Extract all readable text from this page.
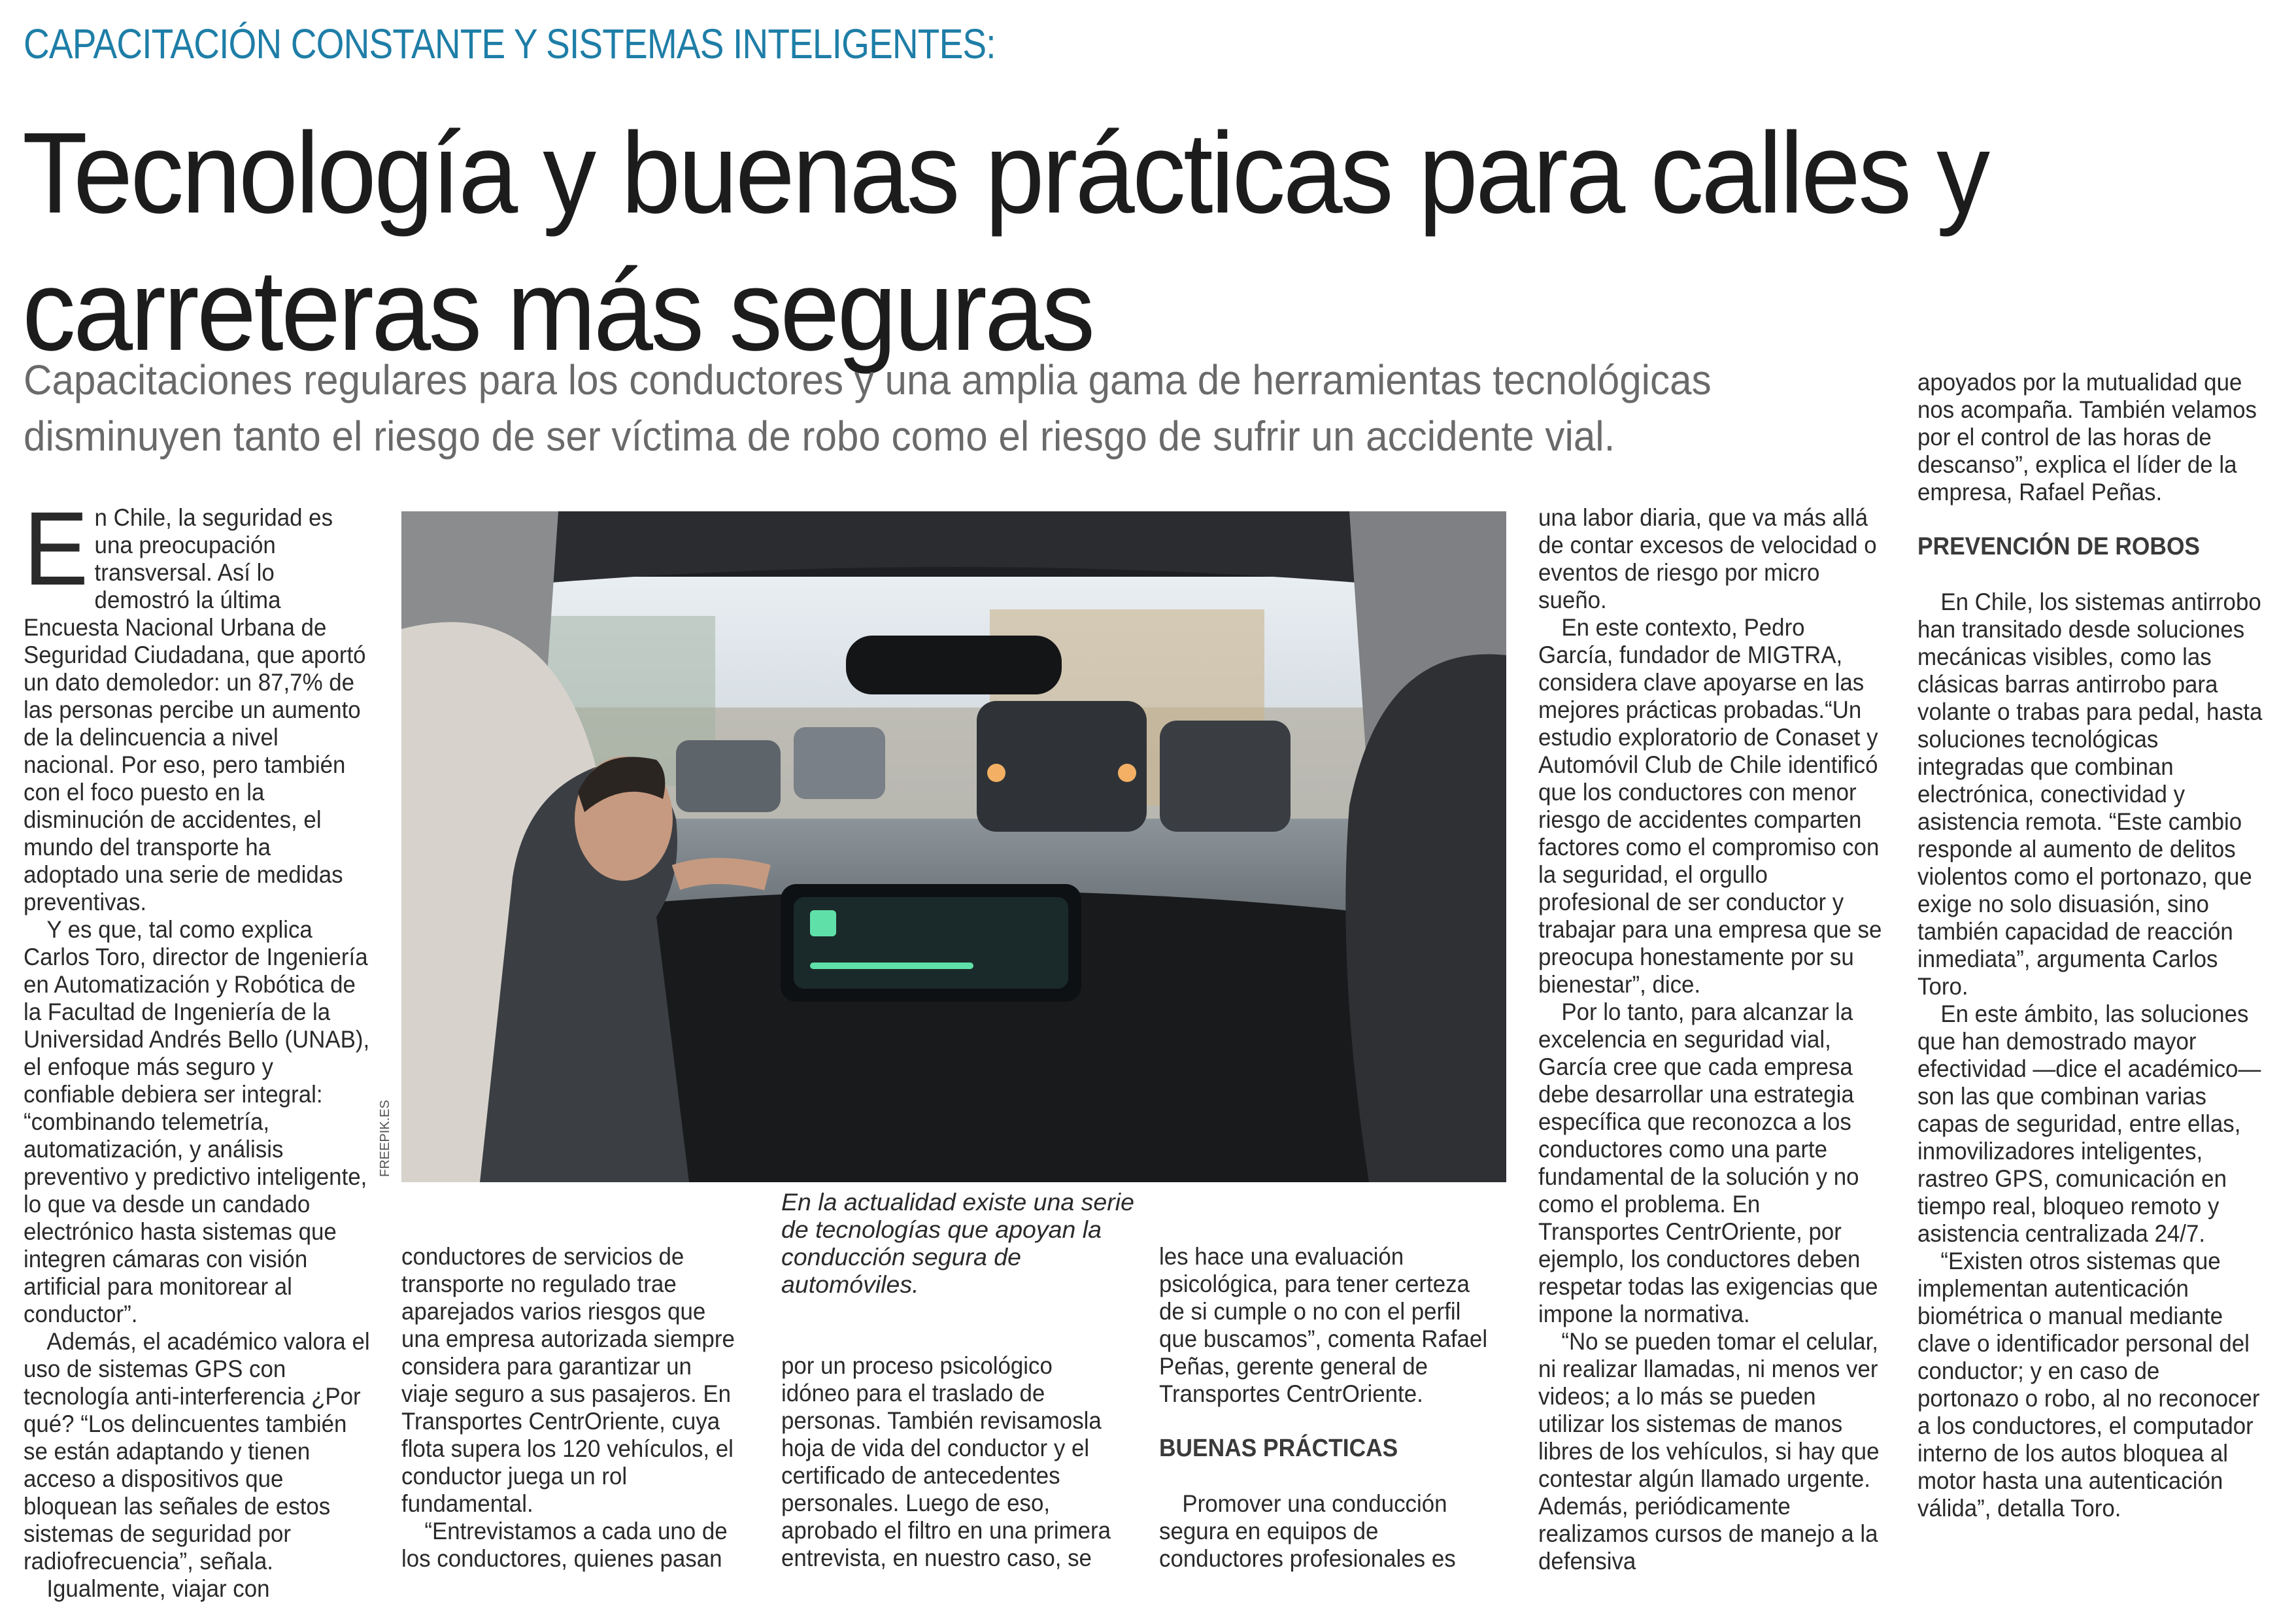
CAPACITACIÓN CONSTANTE Y SISTEMAS INTELIGENTES:
Tecnología y buenas prácticas para calles y carreteras más seguras
Capacitaciones regulares para los conductores y una amplia gama de herramientas tecnológicas disminuyen tanto el riesgo de ser víctima de robo como el riesgo de sufrir un accidente vial.

En Chile, la seguridad es una preocupación transversal. Así lo demostró la última Encuesta Nacional Urbana de Seguridad Ciudadana, que aportó un dato demoledor: un 87,7% de las personas percibe un aumento de la delincuencia a nivel nacional. Por eso, pero también con el foco puesto en la disminución de accidentes, el mundo del transporte ha adoptado una serie de medidas preventivas.

Y es que, tal como explica Carlos Toro, director de Ingeniería en Automatización y Robótica de la Facultad de Ingeniería de la Universidad Andrés Bello (UNAB), el enfoque más seguro y confiable debiera ser integral: “combinando telemetría, automatización, y análisis preventivo y predictivo inteligente, lo que va desde un candado electrónico hasta sistemas que integren cámaras con visión artificial para monitorear al conductor”.

Además, el académico valora el uso de sistemas GPS con tecnología anti-interferencia ¿Por qué? “Los delincuentes también se están adaptando y tienen acceso a dispositivos que bloquean las señales de estos sistemas de seguridad por radiofrecuencia”, señala.

Igualmente, viajar con

FREEPIK.ES
En la actualidad existe una serie de tecnologías que apoyan la conducción segura de automóviles.

conductores de servicios de transporte no regulado trae aparejados varios riesgos que una empresa autorizada siempre considera para garantizar un viaje seguro a sus pasajeros. En Transportes CentrOriente, cuya flota supera los 120 vehículos, el conductor juega un rol fundamental.

“Entrevistamos a cada uno de los conductores, quienes pasan

por un proceso psicológico idóneo para el traslado de personas. También revisamosla hoja de vida del conductor y el certificado de antecedentes personales. Luego de eso, aprobado el filtro en una primera entrevista, en nuestro caso, se

les hace una evaluación psicológica, para tener certeza de si cumple o no con el perfil que buscamos”, comenta Rafael Peñas, gerente general de Transportes CentrOriente.

BUENAS PRÁCTICAS

Promover una conducción segura en equipos de conductores profesionales es

una labor diaria, que va más allá de contar excesos de velocidad o eventos de riesgo por micro sueño.

En este contexto, Pedro García, fundador de MIGTRA, considera clave apoyarse en las mejores prácticas probadas.“Un estudio exploratorio de Conaset y Automóvil Club de Chile identificó que los conductores con menor riesgo de accidentes comparten factores como el compromiso con la seguridad, el orgullo profesional de ser conductor y trabajar para una empresa que se preocupa honestamente por su bienestar”, dice.

Por lo tanto, para alcanzar la excelencia en seguridad vial, García cree que cada empresa debe desarrollar una estrategia específica que reconozca a los conductores como una parte fundamental de la solución y no como el problema. En Transportes CentrOriente, por ejemplo, los conductores deben respetar todas las exigencias que impone la normativa.

“No se pueden tomar el celular, ni realizar llamadas, ni menos ver videos; a lo más se pueden utilizar los sistemas de manos libres de los vehículos, si hay que contestar algún llamado urgente. Además, periódicamente realizamos cursos de manejo a la defensiva

apoyados por la mutualidad que nos acompaña. También velamos por el control de las horas de descanso”, explica el líder de la empresa, Rafael Peñas.

PREVENCIÓN DE ROBOS

En Chile, los sistemas antirrobo han transitado desde soluciones mecánicas visibles, como las clásicas barras antirrobo para volante o trabas para pedal, hasta soluciones tecnológicas integradas que combinan electrónica, conectividad y asistencia remota. “Este cambio responde al aumento de delitos violentos como el portonazo, que exige no solo disuasión, sino también capacidad de reacción inmediata”, argumenta Carlos Toro.

En este ámbito, las soluciones que han demostrado mayor efectividad —dice el académico— son las que combinan varias capas de seguridad, entre ellas, inmovilizadores inteligentes, rastreo GPS, comunicación en tiempo real, bloqueo remoto y asistencia centralizada 24/7.

“Existen otros sistemas que implementan autenticación biométrica o manual mediante clave o identificador personal del conductor; y en caso de portonazo o robo, al no reconocer a los conductores, el computador interno de los autos bloquea al motor hasta una autenticación válida”, detalla Toro.
